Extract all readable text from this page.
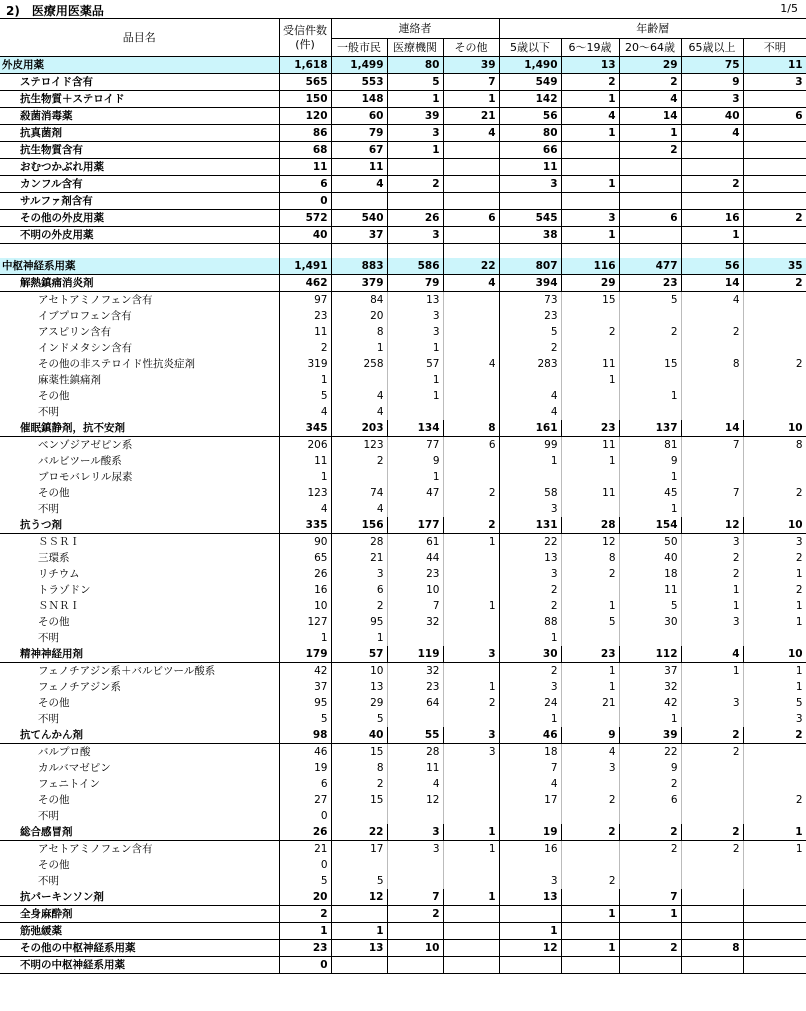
2)　医療用医薬品	1/5
品目名	受信件数
(件)	連絡者			年齢層				
		一般市民	医療機関	その他	5歳以下	6～19歳	20～64歳	65歳以上	不明
外皮用薬	1,618	1,499	80	39	1,490	13	29	75	11
ステロイド含有	565	553	5	7	549	2	2	9	3
抗生物質＋ステロイド	150	148	1	1	142	1	4	3	
殺菌消毒薬	120	60	39	21	56	4	14	40	6
抗真菌剤	86	79	3	4	80	1	1	4	
抗生物質含有	68	67	1		66		2		
おむつかぶれ用薬	11	11			11				
カンフル含有	6	4	2		3	1		2	
サルファ剤含有	0								
その他の外皮用薬	572	540	26	6	545	3	6	16	2
不明の外皮用薬	40	37	3		38	1		1	

中枢神経系用薬	1,491	883	586	22	807	116	477	56	35
解熱鎮痛消炎剤	462	379	79	4	394	29	23	14	2
アセトアミノフェン含有	97	84	13		73	15	5	4	
イブプロフェン含有	23	20	3		23				
アスピリン含有	11	8	3		5	2	2	2	
インドメタシン含有	2	1	1		2				
その他の非ステロイド性抗炎症剤	319	258	57	4	283	11	15	8	2
麻薬性鎮痛剤	1		1			1			
その他	5	4	1		4		1		
不明	4	4			4				
催眠鎮静剤，抗不安剤	345	203	134	8	161	23	137	14	10
ベンゾジアゼピン系	206	123	77	6	99	11	81	7	8
バルビツール酸系	11	2	9		1	1	9		
ブロモバレリル尿素	1		1				1		
その他	123	74	47	2	58	11	45	7	2
不明	4	4			3		1		
抗うつ剤	335	156	177	2	131	28	154	12	10
ＳＳＲＩ	90	28	61	1	22	12	50	3	3
三環系	65	21	44		13	8	40	2	2
リチウム	26	3	23		3	2	18	2	1
トラゾドン	16	6	10		2		11	1	2
ＳＮＲＩ	10	2	7	1	2	1	5	1	1
その他	127	95	32		88	5	30	3	1
不明	1	1			1				
精神神経用剤	179	57	119	3	30	23	112	4	10
フェノチアジン系＋バルビツール酸系	42	10	32		2	1	37	1	1
フェノチアジン系	37	13	23	1	3	1	32		1
その他	95	29	64	2	24	21	42	3	5
不明	5	5			1		1		3
抗てんかん剤	98	40	55	3	46	9	39	2	2
バルプロ酸	46	15	28	3	18	4	22	2	
カルバマゼピン	19	8	11		7	3	9		
フェニトイン	6	2	4		4		2		
その他	27	15	12		17	2	6		2
不明	0								
総合感冒剤	26	22	3	1	19	2	2	2	1
アセトアミノフェン含有	21	17	3	1	16		2	2	1
その他	0								
不明	5	5			3	2			
抗パーキンソン剤	20	12	7	1	13		7		
全身麻酔剤	2		2			1	1		
筋弛緩薬	1	1			1				
その他の中枢神経系用薬	23	13	10		12	1	2	8	
不明の中枢神経系用薬	0								
